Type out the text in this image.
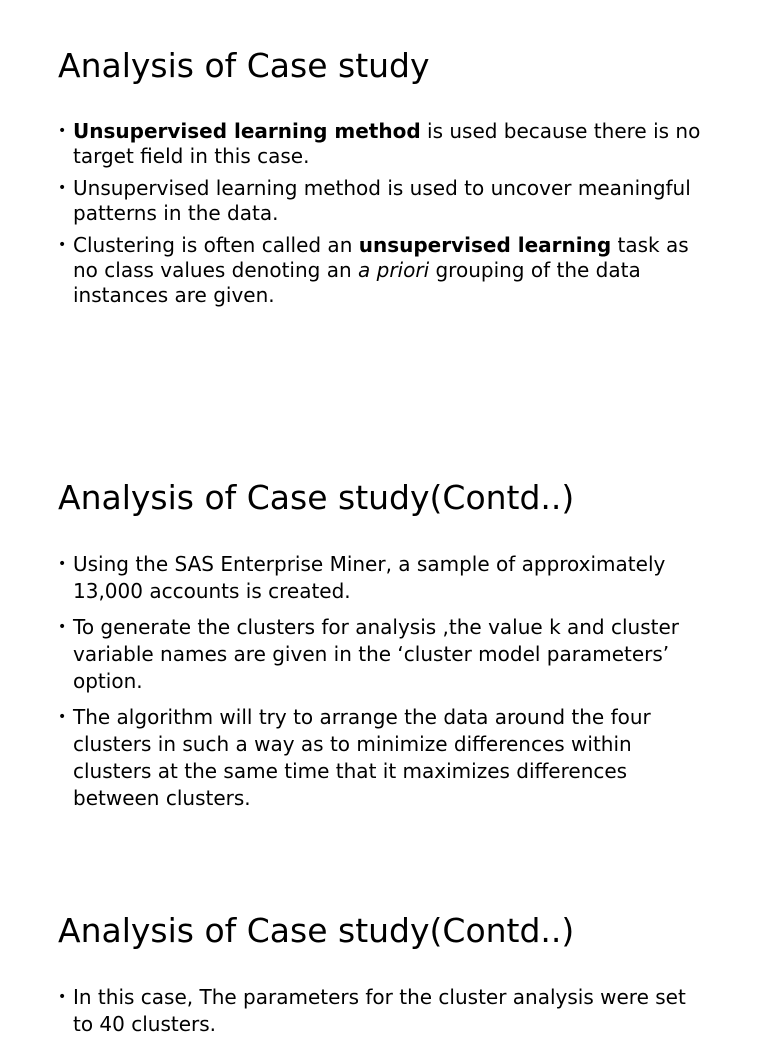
Analysis of Case study
• Unsupervised learning method is used because there is no target field in this case.
• Unsupervised learning method is used to uncover meaningful patterns in the data.
• Clustering is often called an unsupervised learning task as no class values denoting an a priori grouping of the data instances are given.
Analysis of Case study(Contd..)
• Using the SAS Enterprise Miner, a sample of approximately 13,000 accounts is created.
• To generate the clusters for analysis ,the value k and cluster variable names are given in the ‘cluster model parameters’ option.
• The algorithm will try to arrange the data around the four clusters in such a way as to minimize differences within clusters at the same time that it maximizes differences between clusters.
Analysis of Case study(Contd..)
• In this case, The parameters for the cluster analysis were set to 40 clusters.
